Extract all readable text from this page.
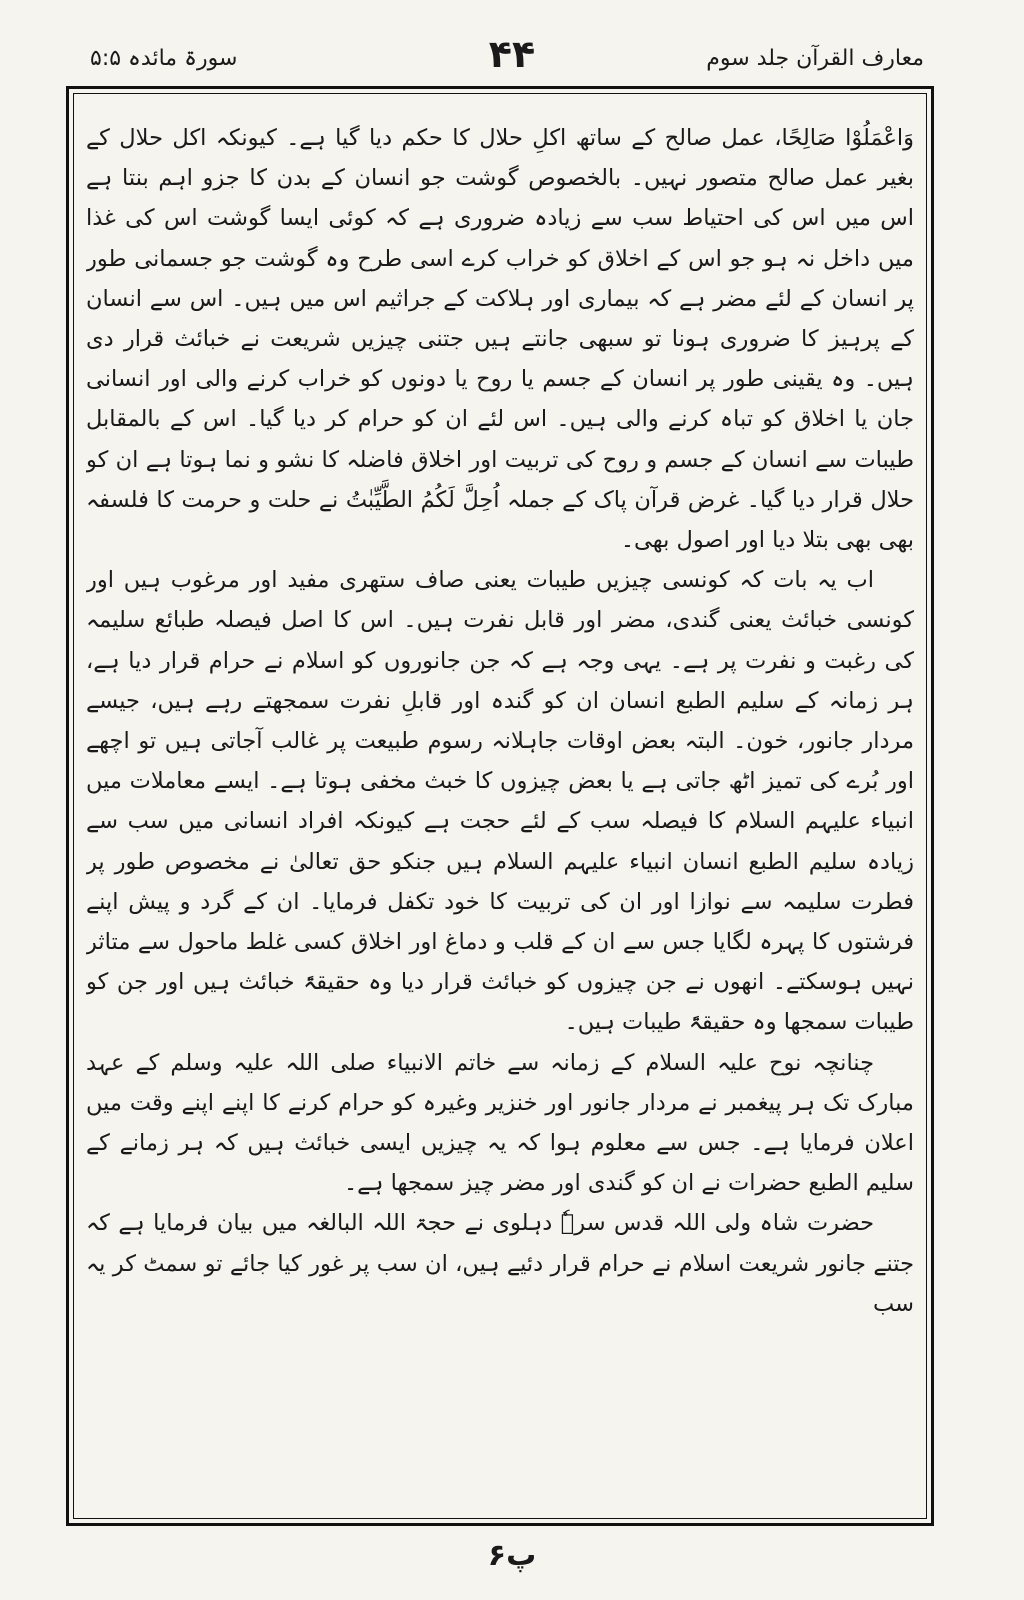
معارف القرآن جلد سوم
۴۴
سورۃ مائدہ ۵:۵

وَاعْمَلُوْا صَالِحًا، عمل صالح کے ساتھ اکلِ حلال کا حکم دیا گیا ہے۔ کیونکہ اکل حلال کے بغیر عمل صالح متصور نہیں۔ بالخصوص گوشت جو انسان کے بدن کا جزو اہم بنتا ہے اس میں اس کی احتیاط سب سے زیادہ ضروری ہے کہ کوئی ایسا گوشت اس کی غذا میں داخل نہ ہو جو اس کے اخلاق کو خراب کرے اسی طرح وہ گوشت جو جسمانی طور پر انسان کے لئے مضر ہے کہ بیماری اور ہلاکت کے جراثیم اس میں ہیں۔ اس سے انسان کے پرہیز کا ضروری ہونا تو سبھی جانتے ہیں جتنی چیزیں شریعت نے خبائث قرار دی ہیں۔ وہ یقینی طور پر انسان کے جسم یا روح یا دونوں کو خراب کرنے والی اور انسانی جان یا اخلاق کو تباہ کرنے والی ہیں۔ اس لئے ان کو حرام کر دیا گیا۔ اس کے بالمقابل طیبات سے انسان کے جسم و روح کی تربیت اور اخلاق فاضلہ کا نشو و نما ہوتا ہے ان کو حلال قرار دیا گیا۔ غرض قرآن پاک کے جملہ اُحِلَّ لَکُمُ الطَّیِّبٰتُ نے حلت و حرمت کا فلسفہ بھی بھی بتلا دیا اور اصول بھی۔

اب یہ بات کہ کونسی چیزیں طیبات یعنی صاف ستھری مفید اور مرغوب ہیں اور کونسی خبائث یعنی گندی، مضر اور قابل نفرت ہیں۔ اس کا اصل فیصلہ طبائع سلیمہ کی رغبت و نفرت پر ہے۔ یہی وجہ ہے کہ جن جانوروں کو اسلام نے حرام قرار دیا ہے، ہر زمانہ کے سلیم الطبع انسان ان کو گندہ اور قابلِ نفرت سمجھتے رہے ہیں، جیسے مردار جانور، خون۔ البتہ بعض اوقات جاہلانہ رسوم طبیعت پر غالب آجاتی ہیں تو اچھے اور بُرے کی تمیز اٹھ جاتی ہے یا بعض چیزوں کا خبث مخفی ہوتا ہے۔ ایسے معاملات میں انبیاء علیہم السلام کا فیصلہ سب کے لئے حجت ہے کیونکہ افراد انسانی میں سب سے زیادہ سلیم الطبع انسان انبیاء علیہم السلام ہیں جنکو حق تعالیٰ نے مخصوص طور پر فطرت سلیمہ سے نوازا اور ان کی تربیت کا خود تکفل فرمایا۔ ان کے گرد و پیش اپنے فرشتوں کا پہرہ لگایا جس سے ان کے قلب و دماغ اور اخلاق کسی غلط ماحول سے متاثر نہیں ہوسکتے۔ انھوں نے جن چیزوں کو خبائث قرار دیا وہ حقیقۃً خبائث ہیں اور جن کو طیبات سمجھا وہ حقیقۃً طیبات ہیں۔

چنانچہ نوح علیہ السلام کے زمانہ سے خاتم الانبیاء صلی اللہ علیہ وسلم کے عہد مبارک تک ہر پیغمبر نے مردار جانور اور خنزیر وغیرہ کو حرام کرنے کا اپنے اپنے وقت میں اعلان فرمایا ہے۔ جس سے معلوم ہوا کہ یہ چیزیں ایسی خبائث ہیں کہ ہر زمانے کے سلیم الطبع حضرات نے ان کو گندی اور مضر چیز سمجھا ہے۔

حضرت شاہ ولی اللہ قدس سرہٗ دہلوی نے حجۃ اللہ البالغہ میں بیان فرمایا ہے کہ جتنے جانور شریعت اسلام نے حرام قرار دئیے ہیں، ان سب پر غور کیا جائے تو سمٹ کر یہ سب

۶پ
